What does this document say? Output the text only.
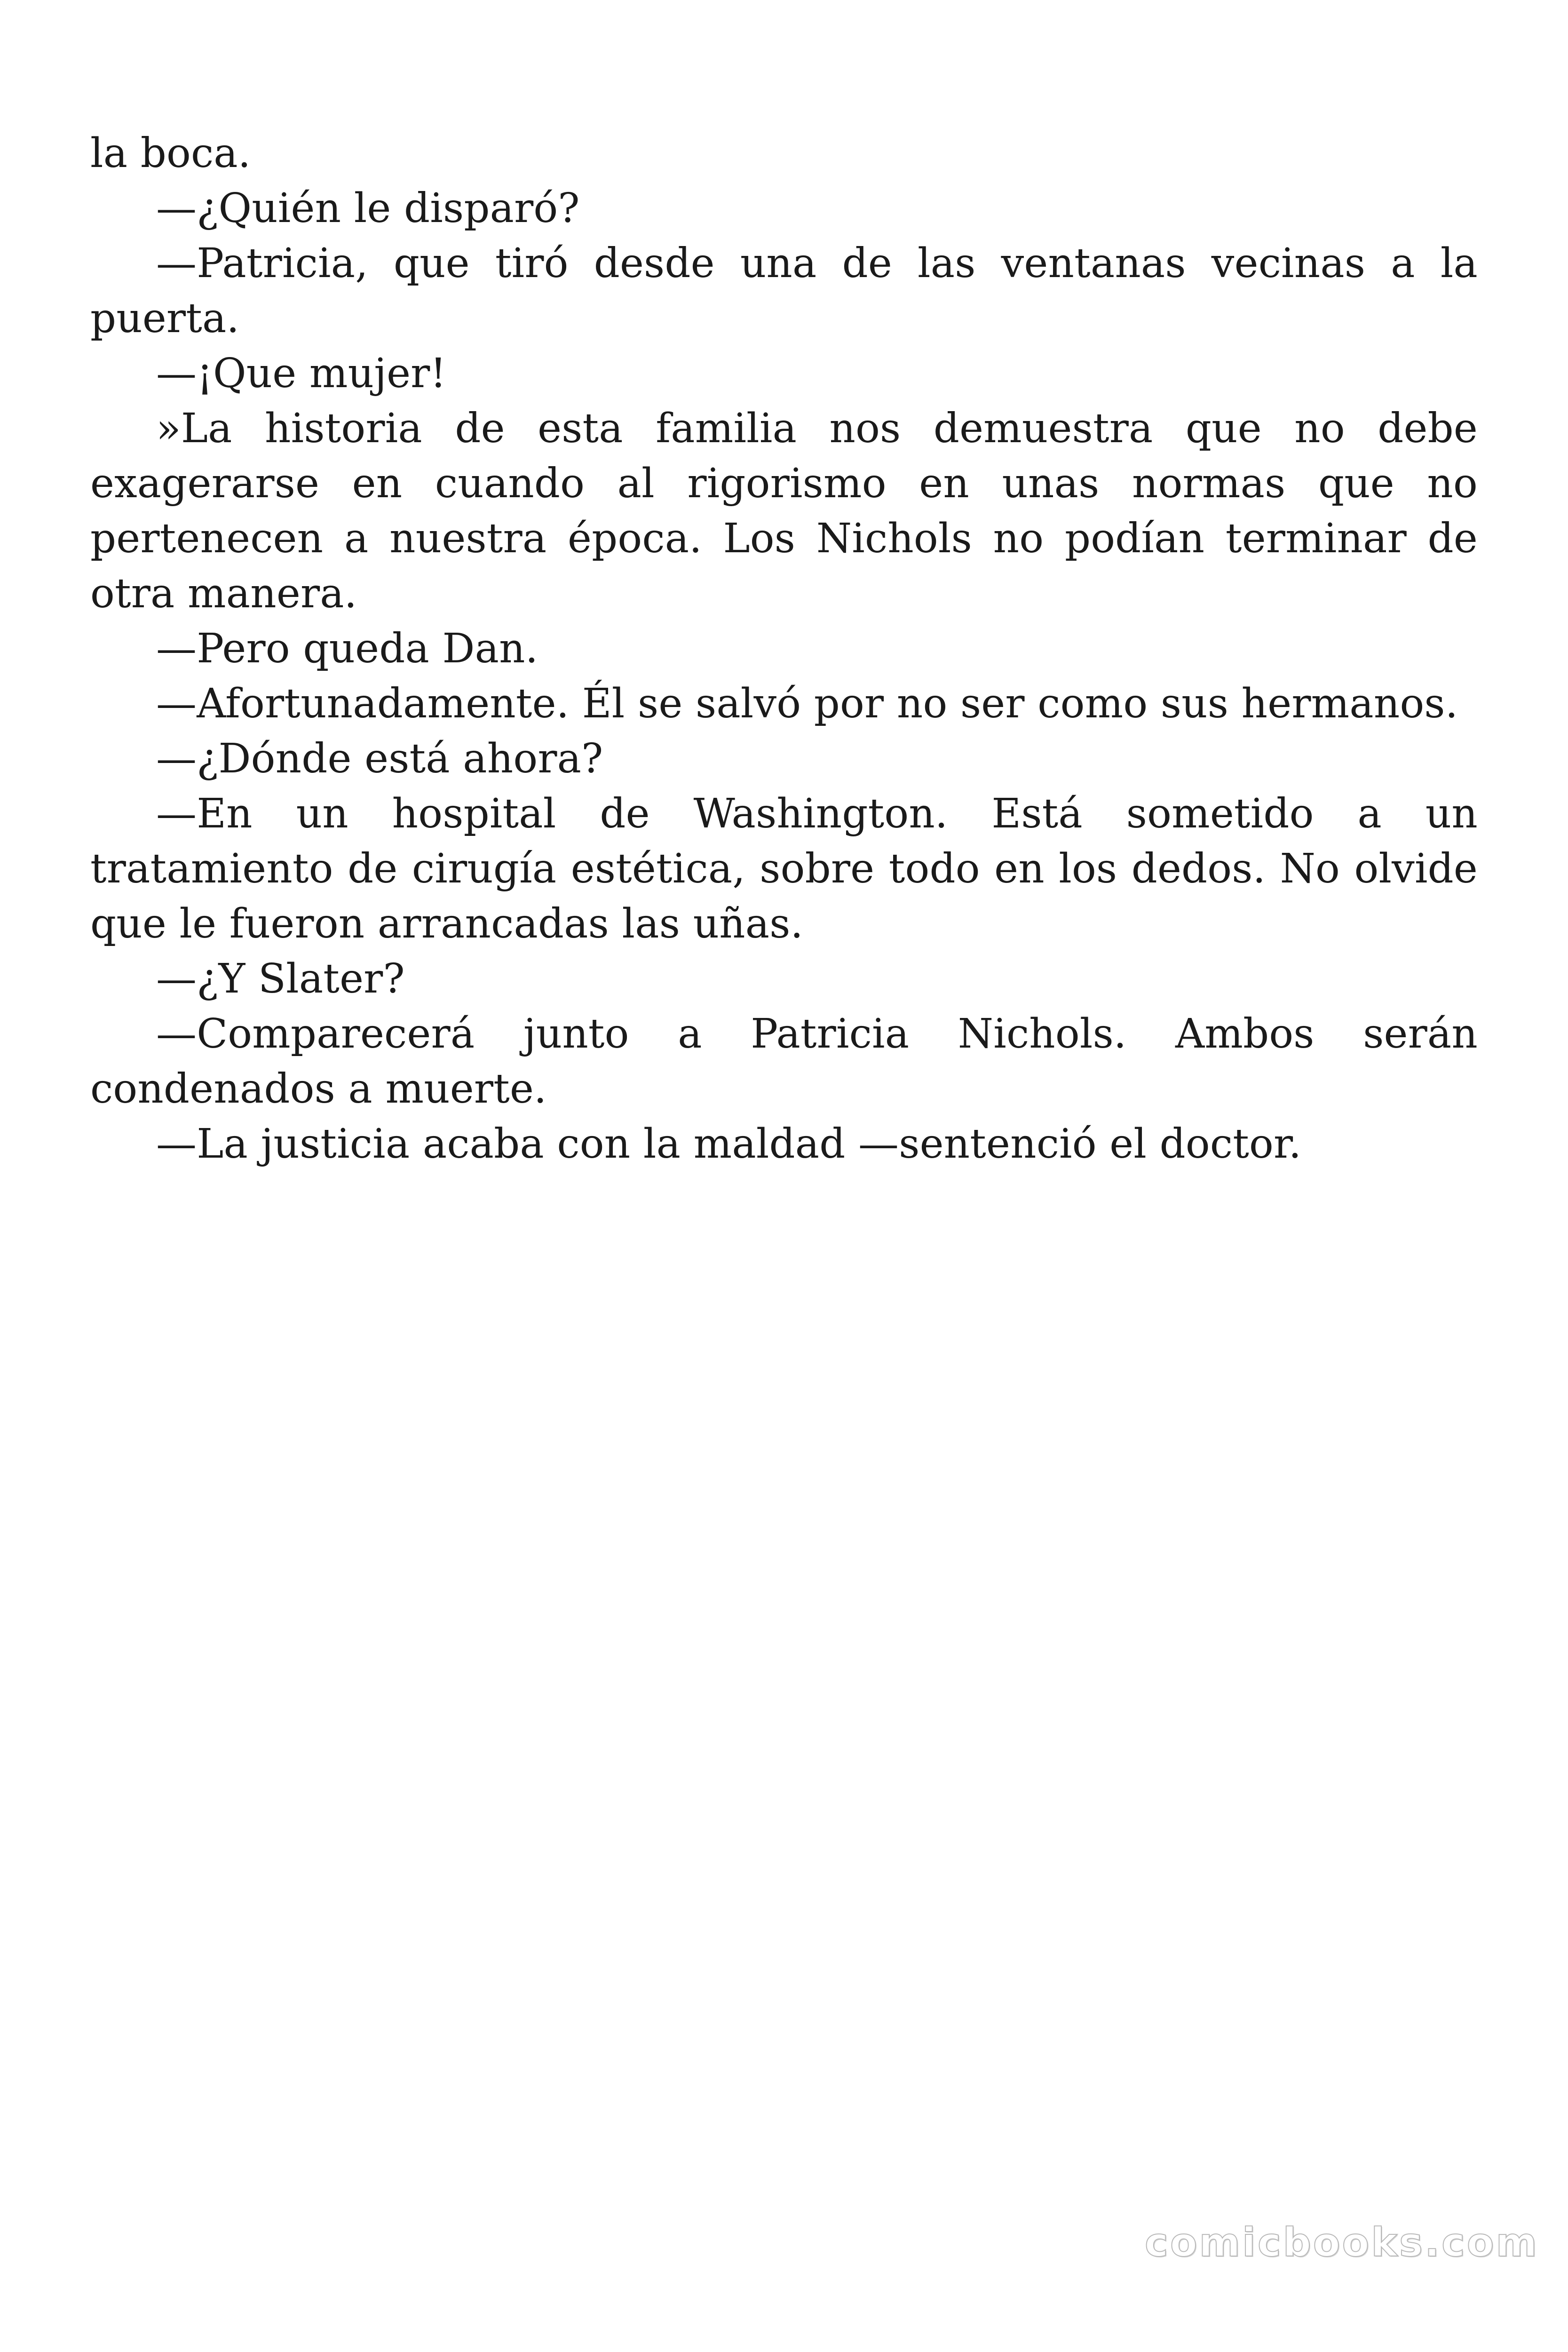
la boca.

—¿Quién le disparó?

—Patricia, que tiró desde una de las ventanas vecinas a la puerta.

—¡Que mujer!

»La historia de esta familia nos demuestra que no debe exagerarse en cuando al rigorismo en unas normas que no pertenecen a nuestra época. Los Nichols no podían terminar de otra manera.

—Pero queda Dan.

—Afortunadamente. Él se salvó por no ser como sus hermanos.

—¿Dónde está ahora?

—En un hospital de Washington. Está sometido a un tratamiento de cirugía estética, sobre todo en los dedos. No olvide que le fueron arrancadas las uñas.

—¿Y Slater?

—Comparecerá junto a Patricia Nichols. Ambos serán condenados a muerte.

—La justicia acaba con la maldad —sentenció el doctor.

comicbooks.com
